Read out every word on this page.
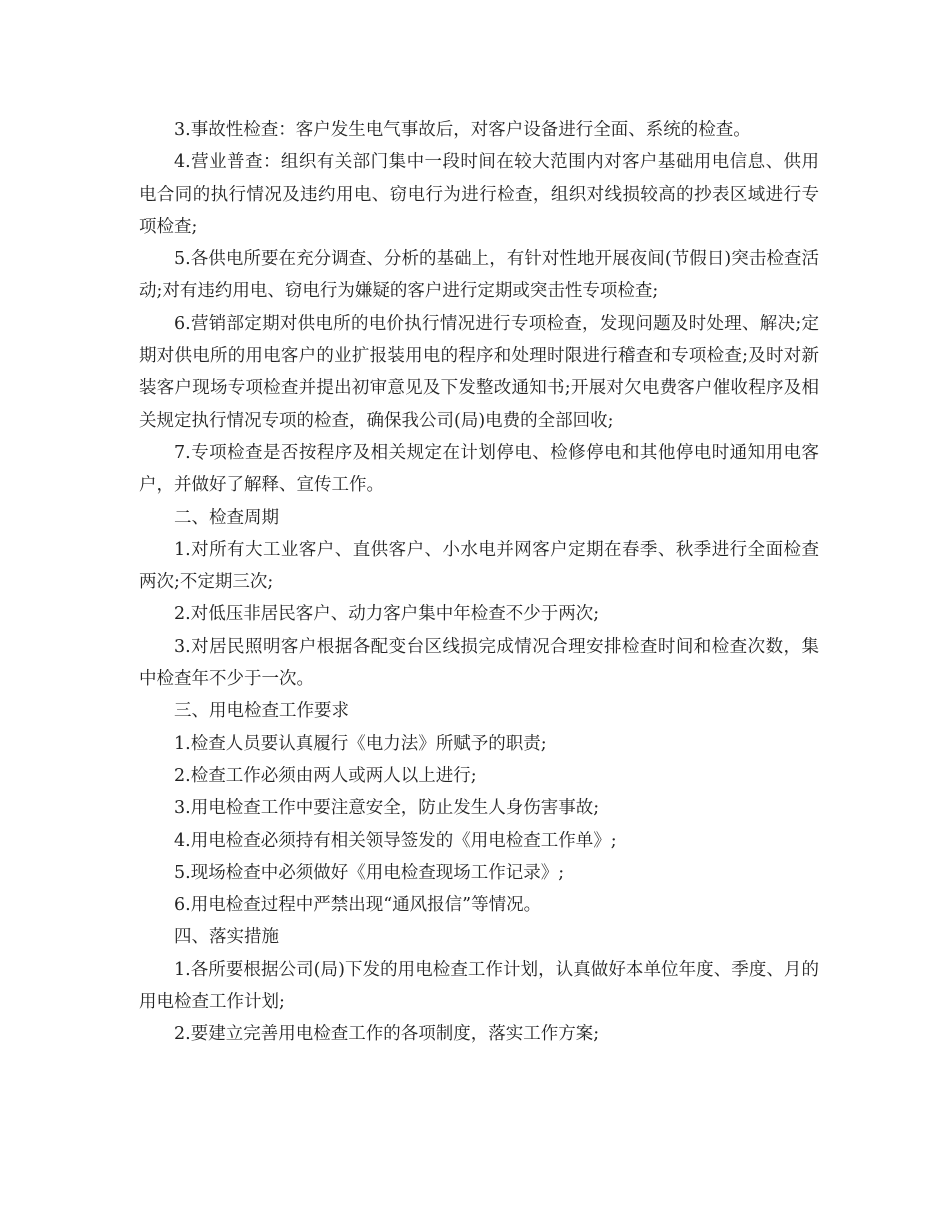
3.事故性检查：客户发生电气事故后，对客户设备进行全面、系统的检查。

4.营业普查：组织有关部门集中一段时间在较大范围内对客户基础用电信息、供用电合同的执行情况及违约用电、窃电行为进行检查，组织对线损较高的抄表区域进行专项检查;

5.各供电所要在充分调查、分析的基础上，有针对性地开展夜间(节假日)突击检查活动;对有违约用电、窃电行为嫌疑的客户进行定期或突击性专项检查;

6.营销部定期对供电所的电价执行情况进行专项检查，发现问题及时处理、解决;定期对供电所的用电客户的业扩报装用电的程序和处理时限进行稽查和专项检查;及时对新装客户现场专项检查并提出初审意见及下发整改通知书;开展对欠电费客户催收程序及相关规定执行情况专项的检查，确保我公司(局)电费的全部回收;

7.专项检查是否按程序及相关规定在计划停电、检修停电和其他停电时通知用电客户，并做好了解释、宣传工作。

二、检查周期

1.对所有大工业客户、直供客户、小水电并网客户定期在春季、秋季进行全面检查两次;不定期三次;

2.对低压非居民客户、动力客户集中年检查不少于两次;

3.对居民照明客户根据各配变台区线损完成情况合理安排检查时间和检查次数，集中检查年不少于一次。

三、用电检查工作要求

1.检查人员要认真履行《电力法》所赋予的职责;

2.检查工作必须由两人或两人以上进行;

3.用电检查工作中要注意安全，防止发生人身伤害事故;

4.用电检查必须持有相关领导签发的《用电检查工作单》;

5.现场检查中必须做好《用电检查现场工作记录》;

6.用电检查过程中严禁出现“通风报信”等情况。

四、落实措施

1.各所要根据公司(局)下发的用电检查工作计划，认真做好本单位年度、季度、月的用电检查工作计划;

2.要建立完善用电检查工作的各项制度，落实工作方案;
